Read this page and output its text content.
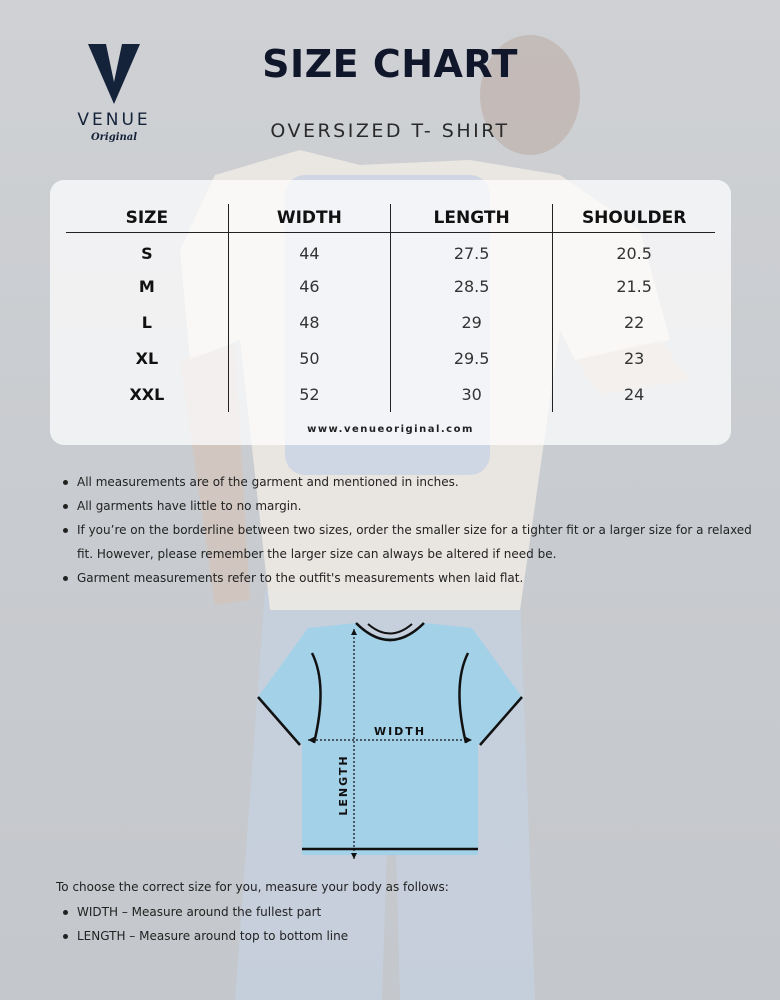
VENUE
Original
SIZE CHART
OVERSIZED T- SHIRT
SIZE	WIDTH	LENGTH	SHOULDER
S	44	27.5	20.5
M	46	28.5	21.5
L	48	29	22
XL	50	29.5	23
XXL	52	30	24
www.venueoriginal.com
All measurements are of the garment and mentioned in inches.
All garments have little to no margin.
If you’re on the borderline between two sizes, order the smaller size for a tighter fit or a larger size for a relaxed fit. However, please remember the larger size can always be altered if need be.
Garment measurements refer to the outfit's measurements when laid flat.
WIDTH
LENGTH
To choose the correct size for you, measure your body as follows:
WIDTH – Measure around the fullest part
LENGTH – Measure around top to bottom line
